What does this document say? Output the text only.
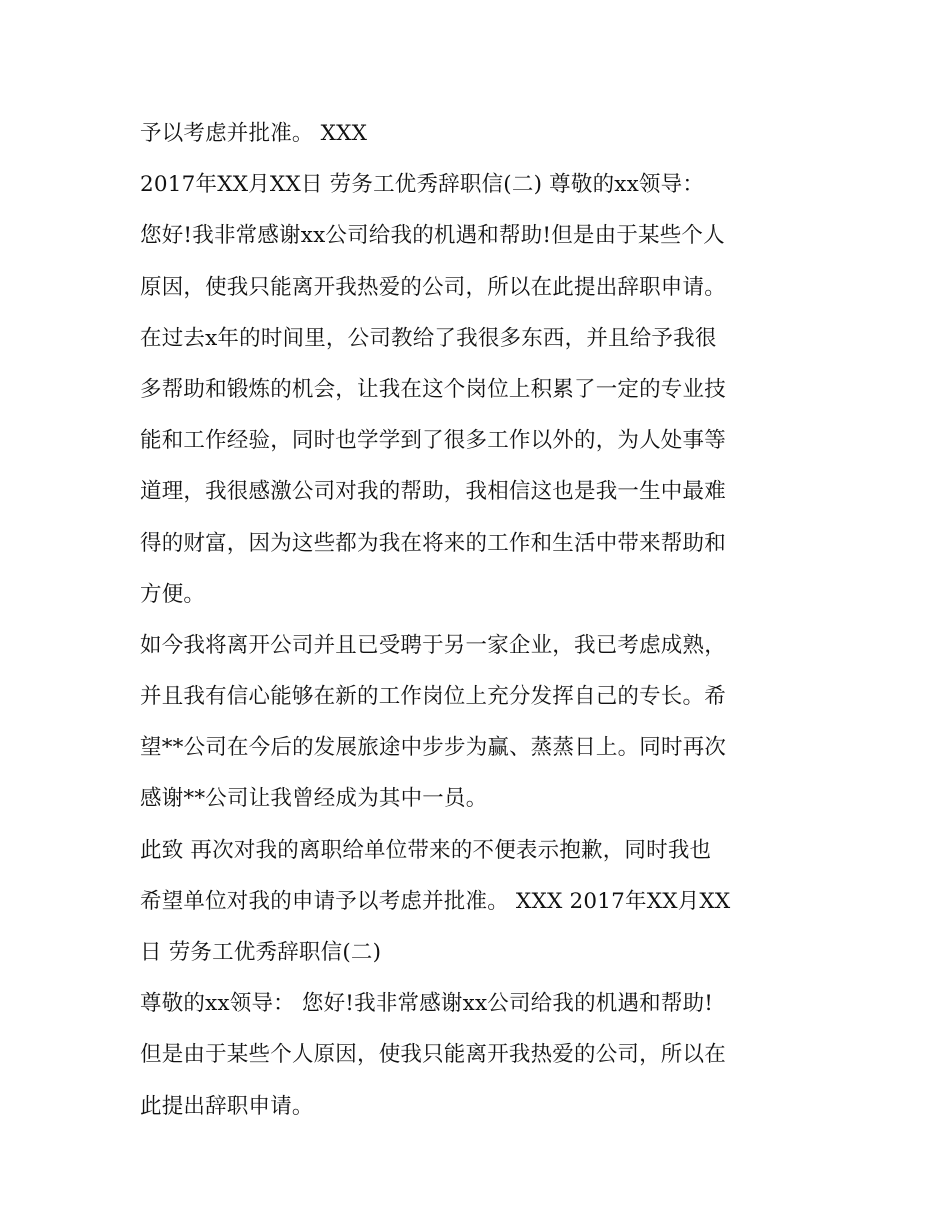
予以考虑并批准。 XXX
2017年XX月XX日 劳务工优秀辞职信(二) 尊敬的xx领导：
您好!我非常感谢xx公司给我的机遇和帮助!但是由于某些个人
原因，使我只能离开我热爱的公司，所以在此提出辞职申请。
在过去x年的时间里，公司教给了我很多东西，并且给予我很
多帮助和锻炼的机会，让我在这个岗位上积累了一定的专业技
能和工作经验，同时也学学到了很多工作以外的，为人处事等
道理，我很感激公司对我的帮助，我相信这也是我一生中最难
得的财富，因为这些都为我在将来的工作和生活中带来帮助和
方便。
如今我将离开公司并且已受聘于另一家企业，我已考虑成熟，
并且我有信心能够在新的工作岗位上充分发挥自己的专长。希
望**公司在今后的发展旅途中步步为赢、蒸蒸日上。同时再次
感谢**公司让我曾经成为其中一员。
此致 再次对我的离职给单位带来的不便表示抱歉，同时我也
希望单位对我的申请予以考虑并批准。 XXX 2017年XX月XX
日 劳务工优秀辞职信(二)
尊敬的xx领导： 您好!我非常感谢xx公司给我的机遇和帮助!
但是由于某些个人原因，使我只能离开我热爱的公司，所以在
此提出辞职申请。
